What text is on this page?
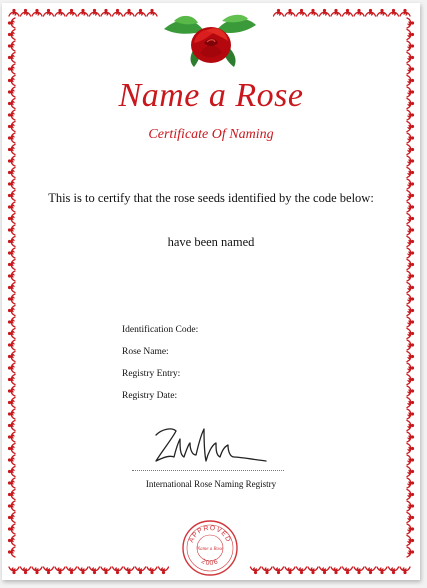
Name a Rose
Certificate Of Naming
This is to certify that the rose seeds identified by the code below:
have been named
Identification Code:
Rose Name:
Registry Entry:
Registry Date:
International Rose Naming Registry
APPROVED
Name a Rose
2006
